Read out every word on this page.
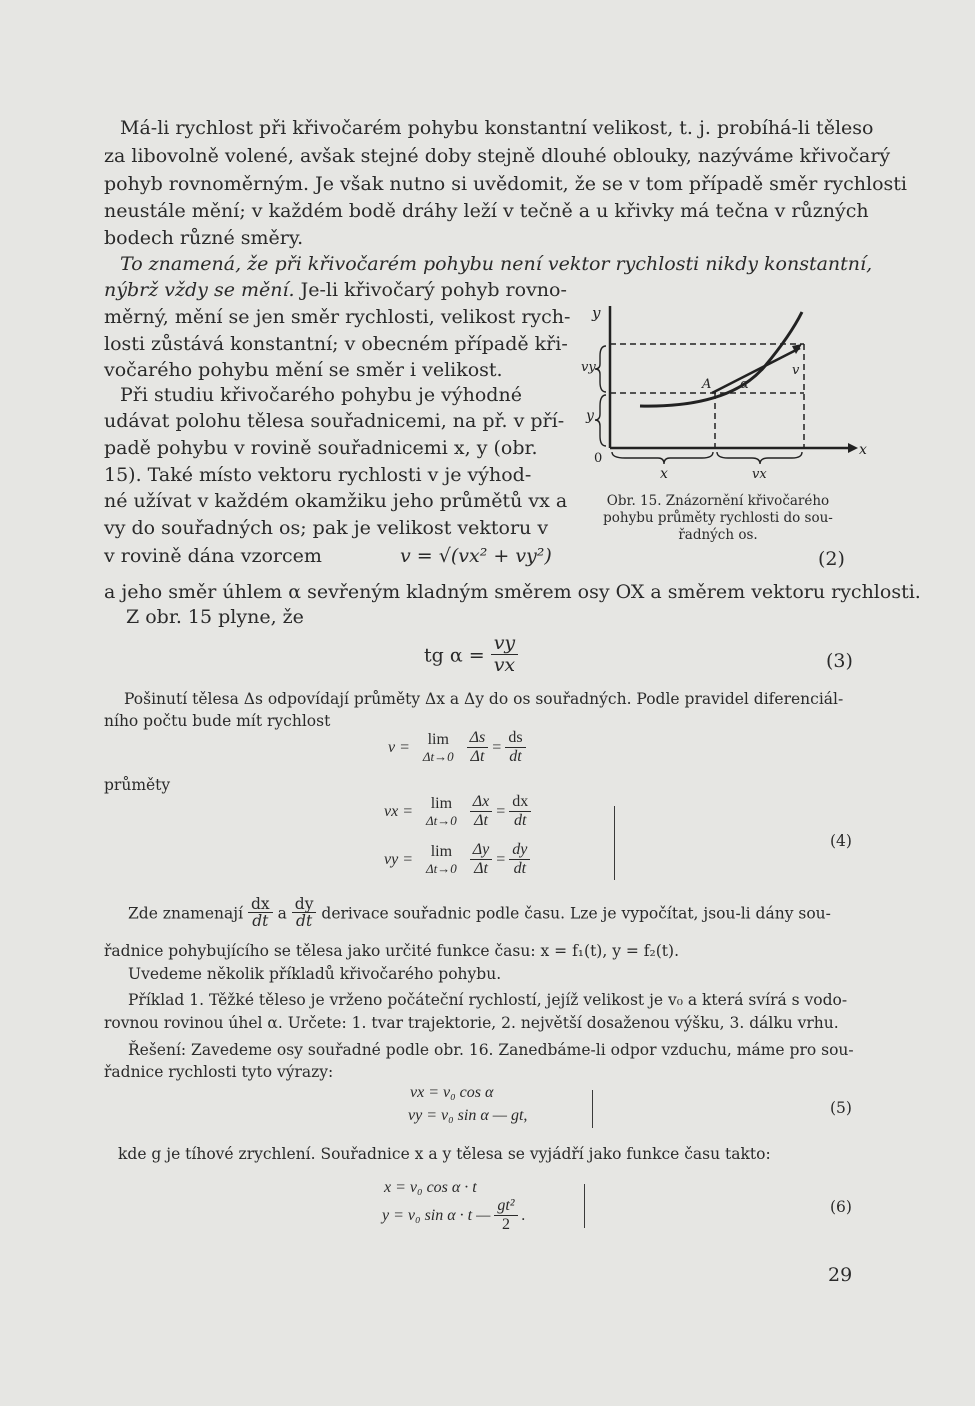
Má-li rychlost při křivočarém pohybu konstantní velikost, t. j. probíhá-li těleso
za libovolně volené, avšak stejné doby stejně dlouhé oblouky, nazýváme křivočarý
pohyb rovnoměrným. Je však nutno si uvědomit, že se v tom případě směr rychlosti
neustále mění; v každém bodě dráhy leží v tečně a u křivky má tečna v různých
bodech různé směry.
To znamená, že při křivočarém pohybu není vektor rychlosti nikdy konstantní,
nýbrž vždy se mění. Je-li křivočarý pohyb rovno-
měrný, mění se jen směr rychlosti, velikost rych-
losti zůstává konstantní; v obecném případě kři-
vočarého pohybu mění se směr i velikost.
Při studiu křivočarého pohybu je výhodné
udávat polohu tělesa souřadnicemi, na př. v pří-
padě pohybu v rovině souřadnicemi x, y (obr.
15). Také místo vektoru rychlosti v je výhod-
né užívat v každém okamžiku jeho průmětů vx a
vy do souřadných os; pak je velikost vektoru v
v rovině dána vzorcem	v = √(vx² + vy²)	(2)
a jeho směr úhlem α sevřeným kladným směrem osy OX a směrem vektoru rychlosti.
Z obr. 15 plyne, že
tg $\alpha = \frac{vy}{vx}$	(3)
Pošinutí tělesa Δs odpovídají průměty Δx a Δy do os souřadných. Podle pravidel diferenciál-
ního počtu bude mít rychlost
v =	lim
Δt→0
$\frac{\Delta s}{\Delta t} = \frac{ds}{dt}$
průměty
vx =	lim
Δt→0
$\frac{\Delta x}{\Delta t} = \frac{dx}{dt}$
vy =	lim
Δt→0
$\frac{\Delta y}{\Delta t} = \frac{dy}{dt}$
(4)
Zde znamenají $\frac{dx}{dt}$ a $\frac{dy}{dt}$ derivace souřadnic podle času. Lze je vypočítat, jsou-li dány sou-
řadnice pohybujícího se tělesa jako určité funkce času: x = f₁(t), y = f₂(t).
Uvedeme několik příkladů křivočarého pohybu.
Příklad 1. Těžké těleso je vrženo počáteční rychlostí, jejíž velikost je v₀ a která svírá s vodo-
rovnou rovinou úhel α. Určete: 1. tvar trajektorie, 2. největší dosaženou výšku, 3. dálku vrhu.
Řešení: Zavedeme osy souřadné podle obr. 16. Zanedbáme-li odpor vzduchu, máme pro sou-
řadnice rychlosti tyto výrazy:
vx = v₀ cos α
vy = v₀ sin α — gt,	(5)
kde g je tíhové zrychlení. Souřadnice x a y tělesa se vyjádří jako funkce času takto:
x = v₀ cos α · t
y = v₀ sin α · t — $\frac{\text{gt²}}{2}$ .	(6)
29
y
vy
y
0
x	vx
x
v
α
A
Obr. 15. Znázornění křivočarého
pohybu průměty rychlosti do sou-
řadných os.
